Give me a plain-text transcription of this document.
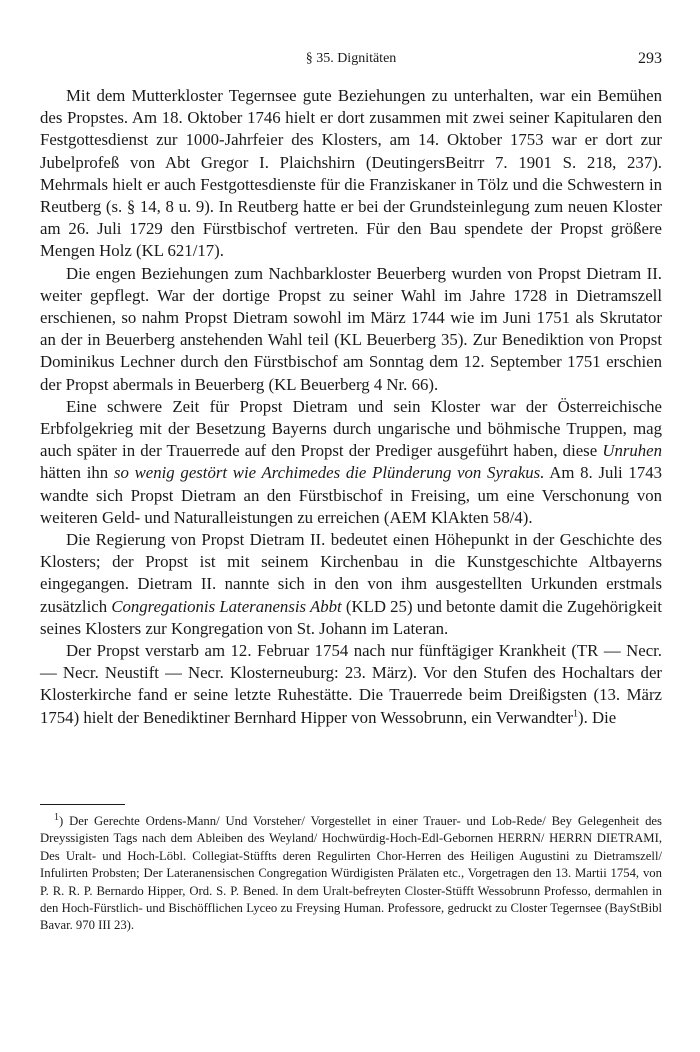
§ 35. Dignitäten	293

Mit dem Mutterkloster Tegernsee gute Beziehungen zu unterhalten, war ein Bemühen des Propstes. Am 18. Oktober 1746 hielt er dort zusammen mit zwei seiner Kapitularen den Festgottesdienst zur 1000-Jahrfeier des Klosters, am 14. Oktober 1753 war er dort zur Jubelprofeß von Abt Gregor I. Plaichshirn (DeutingersBeitrr 7. 1901 S. 218, 237). Mehrmals hielt er auch Festgottesdienste für die Franziskaner in Tölz und die Schwestern in Reutberg (s. § 14, 8 u. 9). In Reutberg hatte er bei der Grundsteinlegung zum neuen Kloster am 26. Juli 1729 den Fürstbischof vertreten. Für den Bau spendete der Propst größere Mengen Holz (KL 621/17).

Die engen Beziehungen zum Nachbarkloster Beuerberg wurden von Propst Dietram II. weiter gepflegt. War der dortige Propst zu seiner Wahl im Jahre 1728 in Dietramszell erschienen, so nahm Propst Dietram sowohl im März 1744 wie im Juni 1751 als Skrutator an der in Beuerberg anstehenden Wahl teil (KL Beuerberg 35). Zur Benediktion von Propst Dominikus Lechner durch den Fürstbischof am Sonntag dem 12. September 1751 erschien der Propst abermals in Beuerberg (KL Beuerberg 4 Nr. 66).

Eine schwere Zeit für Propst Dietram und sein Kloster war der Österreichische Erbfolgekrieg mit der Besetzung Bayerns durch ungarische und böhmische Truppen, mag auch später in der Trauerrede auf den Propst der Prediger ausgeführt haben, diese Unruhen hätten ihn so wenig gestört wie Archimedes die Plünderung von Syrakus. Am 8. Juli 1743 wandte sich Propst Dietram an den Fürstbischof in Freising, um eine Verschonung von weiteren Geld- und Naturalleistungen zu erreichen (AEM KlAkten 58/4).

Die Regierung von Propst Dietram II. bedeutet einen Höhepunkt in der Geschichte des Klosters; der Propst ist mit seinem Kirchenbau in die Kunstgeschichte Altbayerns eingegangen. Dietram II. nannte sich in den von ihm ausgestellten Urkunden erstmals zusätzlich Congregationis Lateranensis Abbt (KLD 25) und betonte damit die Zugehörigkeit seines Klosters zur Kongregation von St. Johann im Lateran.

Der Propst verstarb am 12. Februar 1754 nach nur fünftägiger Krankheit (TR — Necr. — Necr. Neustift — Necr. Klosterneuburg: 23. März). Vor den Stufen des Hochaltars der Klosterkirche fand er seine letzte Ruhestätte. Die Trauerrede beim Dreißigsten (13. März 1754) hielt der Benediktiner Bernhard Hipper von Wessobrunn, ein Verwandter$^1$). Die

$^1$) Der Gerechte Ordens-Mann/ Und Vorsteher/ Vorgestellet in einer Trauer- und Lob-Rede/ Bey Gelegenheit des Dreyssigisten Tags nach dem Ableiben des Weyland/ Hochwürdig-Hoch-Edl-Gebornen HERRN/ HERRN DIETRAMI, Des Uralt- und Hoch-Löbl. Collegiat-Stüffts deren Regulirten Chor-Herren des Heiligen Augustini zu Dietramszell/ Infulirten Probsten; Der Lateranensischen Congregation Würdigisten Prälaten etc., Vorgetragen den 13. Martii 1754, von P. R. R. P. Bernardo Hipper, Ord. S. P. Bened. In dem Uralt-befreyten Closter-Stüfft Wessobrunn Professo, dermahlen in den Hoch-Fürstlich- und Bischöfflichen Lyceo zu Freysing Human. Professore, gedruckt zu Closter Tegernsee (BayStBibl Bavar. 970 III 23).
